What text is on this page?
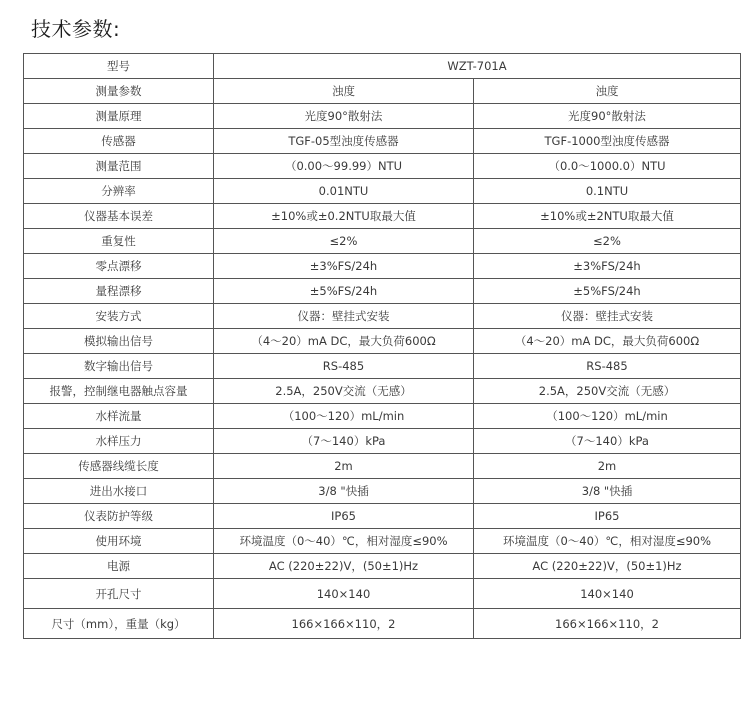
技术参数:
型号	WZT-701A	
测量参数	浊度	浊度
测量原理	光度90°散射法	光度90°散射法
传感器	TGF-05型浊度传感器	TGF-1000型浊度传感器
测量范围	（0.00～99.99）NTU	（0.0～1000.0）NTU
分辨率	0.01NTU	0.1NTU
仪器基本误差	±10%或±0.2NTU取最大值	±10%或±2NTU取最大值
重复性	≤2%	≤2%
零点漂移	±3%FS/24h	±3%FS/24h
量程漂移	±5%FS/24h	±5%FS/24h
安装方式	仪器：壁挂式安装	仪器：壁挂式安装
模拟输出信号	（4～20）mA DC，最大负荷600Ω	（4～20）mA DC，最大负荷600Ω
数字输出信号	RS-485	RS-485
报警，控制继电器触点容量	2.5A，250V交流（无感）	2.5A，250V交流（无感）
水样流量	（100～120）mL/min	（100～120）mL/min
水样压力	（7～140）kPa	（7～140）kPa
传感器线缆长度	2m	2m
进出水接口	3/8 "快插	3/8 "快插
仪表防护等级	IP65	IP65
使用环境	环境温度（0～40）℃，相对湿度≤90%	环境温度（0～40）℃，相对湿度≤90%
电源	AC (220±22)V，(50±1)Hz	AC (220±22)V，(50±1)Hz
开孔尺寸	140×140	140×140
尺寸（mm），重量（kg）	166×166×110，2	166×166×110，2
